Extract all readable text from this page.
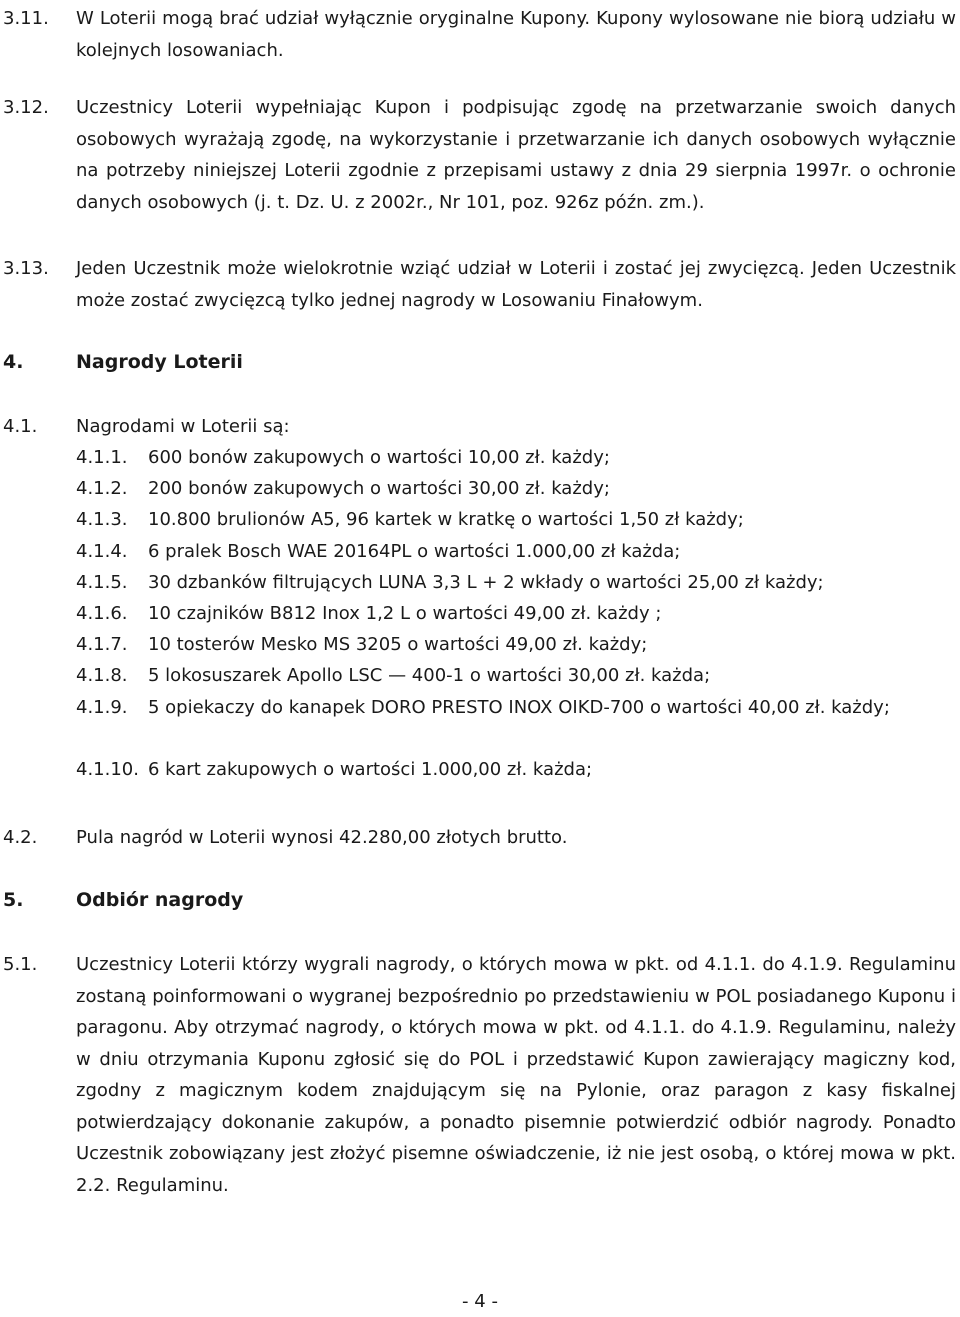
3.11. W Loterii mogą brać udział wyłącznie oryginalne Kupony. Kupony wylosowane nie biorą udziału w kolejnych losowaniach.
3.12. Uczestnicy Loterii wypełniając Kupon i podpisując zgodę na przetwarzanie swoich danych osobowych wyrażają zgodę, na wykorzystanie i przetwarzanie ich danych osobowych wyłącznie na potrzeby niniejszej Loterii zgodnie z przepisami ustawy z dnia 29 sierpnia 1997r. o ochronie danych osobowych (j. t. Dz. U. z 2002r., Nr 101, poz. 926z późn. zm.).
3.13. Jeden Uczestnik może wielokrotnie wziąć udział w Loterii i zostać jej zwycięzcą. Jeden Uczestnik może zostać zwycięzcą tylko jednej nagrody w Losowaniu Finałowym.
4.	Nagrody Loterii
4.1. Nagrodami w Loterii są:
4.1.1. 600 bonów zakupowych o wartości 10,00 zł. każdy;
4.1.2. 200 bonów zakupowych o wartości 30,00 zł. każdy;
4.1.3. 10.800 brulionów A5, 96 kartek w kratkę o wartości 1,50 zł każdy;
4.1.4. 6 pralek Bosch WAE 20164PL o wartości 1.000,00 zł każda;
4.1.5. 30 dzbanków filtrujących LUNA 3,3 L + 2 wkłady o wartości 25,00 zł każdy;
4.1.6. 10 czajników B812 Inox 1,2 L o wartości 49,00 zł. każdy ;
4.1.7. 10 tosterów Mesko MS 3205 o wartości 49,00 zł. każdy;
4.1.8. 5 lokosuszarek Apollo LSC — 400-1 o wartości 30,00 zł. każda;
4.1.9. 5 opiekaczy do kanapek DORO PRESTO INOX OIKD-700 o wartości 40,00 zł. każdy;
4.1.10. 6 kart zakupowych o wartości 1.000,00 zł. każda;
4.2. Pula nagród w Loterii wynosi 42.280,00 złotych brutto.
5.	Odbiór nagrody
5.1. Uczestnicy Loterii którzy wygrali nagrody, o których mowa w pkt. od 4.1.1. do 4.1.9. Regulaminu zostaną poinformowani o wygranej bezpośrednio po przedstawieniu w POL posiadanego Kuponu i paragonu. Aby otrzymać nagrody, o których mowa w pkt. od 4.1.1. do 4.1.9. Regulaminu, należy w dniu otrzymania Kuponu zgłosić się do POL i przedstawić Kupon zawierający magiczny kod, zgodny z magicznym kodem znajdującym się na Pylonie, oraz paragon z kasy fiskalnej potwierdzający dokonanie zakupów, a ponadto pisemnie potwierdzić odbiór nagrody. Ponadto Uczestnik zobowiązany jest złożyć pisemne oświadczenie, iż nie jest osobą, o której mowa w pkt. 2.2. Regulaminu.
- 4 -
